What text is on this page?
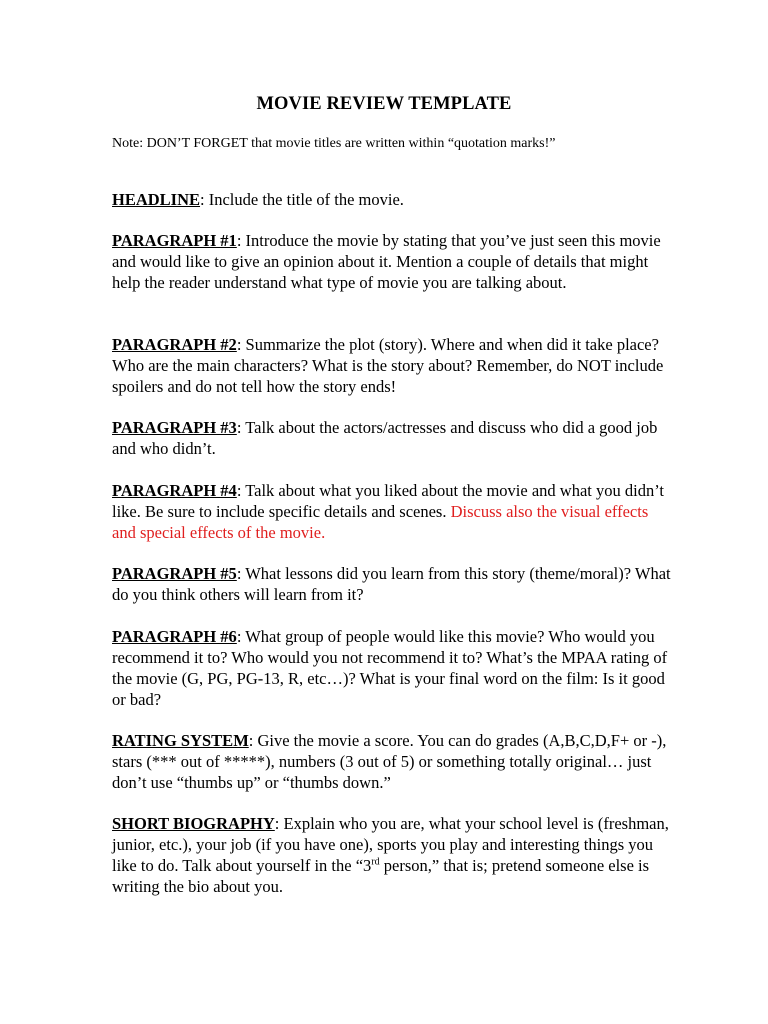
MOVIE REVIEW TEMPLATE
Note: DON’T FORGET that movie titles are written within “quotation marks!”

HEADLINE: Include the title of the movie.

PARAGRAPH #1: Introduce the movie by stating that you’ve just seen this movie and would like to give an opinion about it. Mention a couple of details that might help the reader understand what type of movie you are talking about.

PARAGRAPH #2: Summarize the plot (story). Where and when did it take place? Who are the main characters? What is the story about? Remember, do NOT include spoilers and do not tell how the story ends!

PARAGRAPH #3: Talk about the actors/actresses and discuss who did a good job and who didn’t.

PARAGRAPH #4: Talk about what you liked about the movie and what you didn’t like. Be sure to include specific details and scenes. Discuss also the visual effects and special effects of the movie.

PARAGRAPH #5: What lessons did you learn from this story (theme/moral)? What do you think others will learn from it?

PARAGRAPH #6: What group of people would like this movie? Who would you recommend it to? Who would you not recommend it to? What’s the MPAA rating of the movie (G, PG, PG-13, R, etc…)? What is your final word on the film: Is it good or bad?

RATING SYSTEM: Give the movie a score. You can do grades (A,B,C,D,F+ or -), stars (*** out of *****), numbers (3 out of 5) or something totally original… just don’t use “thumbs up” or “thumbs down.”

SHORT BIOGRAPHY: Explain who you are, what your school level is (freshman, junior, etc.), your job (if you have one), sports you play and interesting things you like to do. Talk about yourself in the “3rd person,” that is; pretend someone else is writing the bio about you.
